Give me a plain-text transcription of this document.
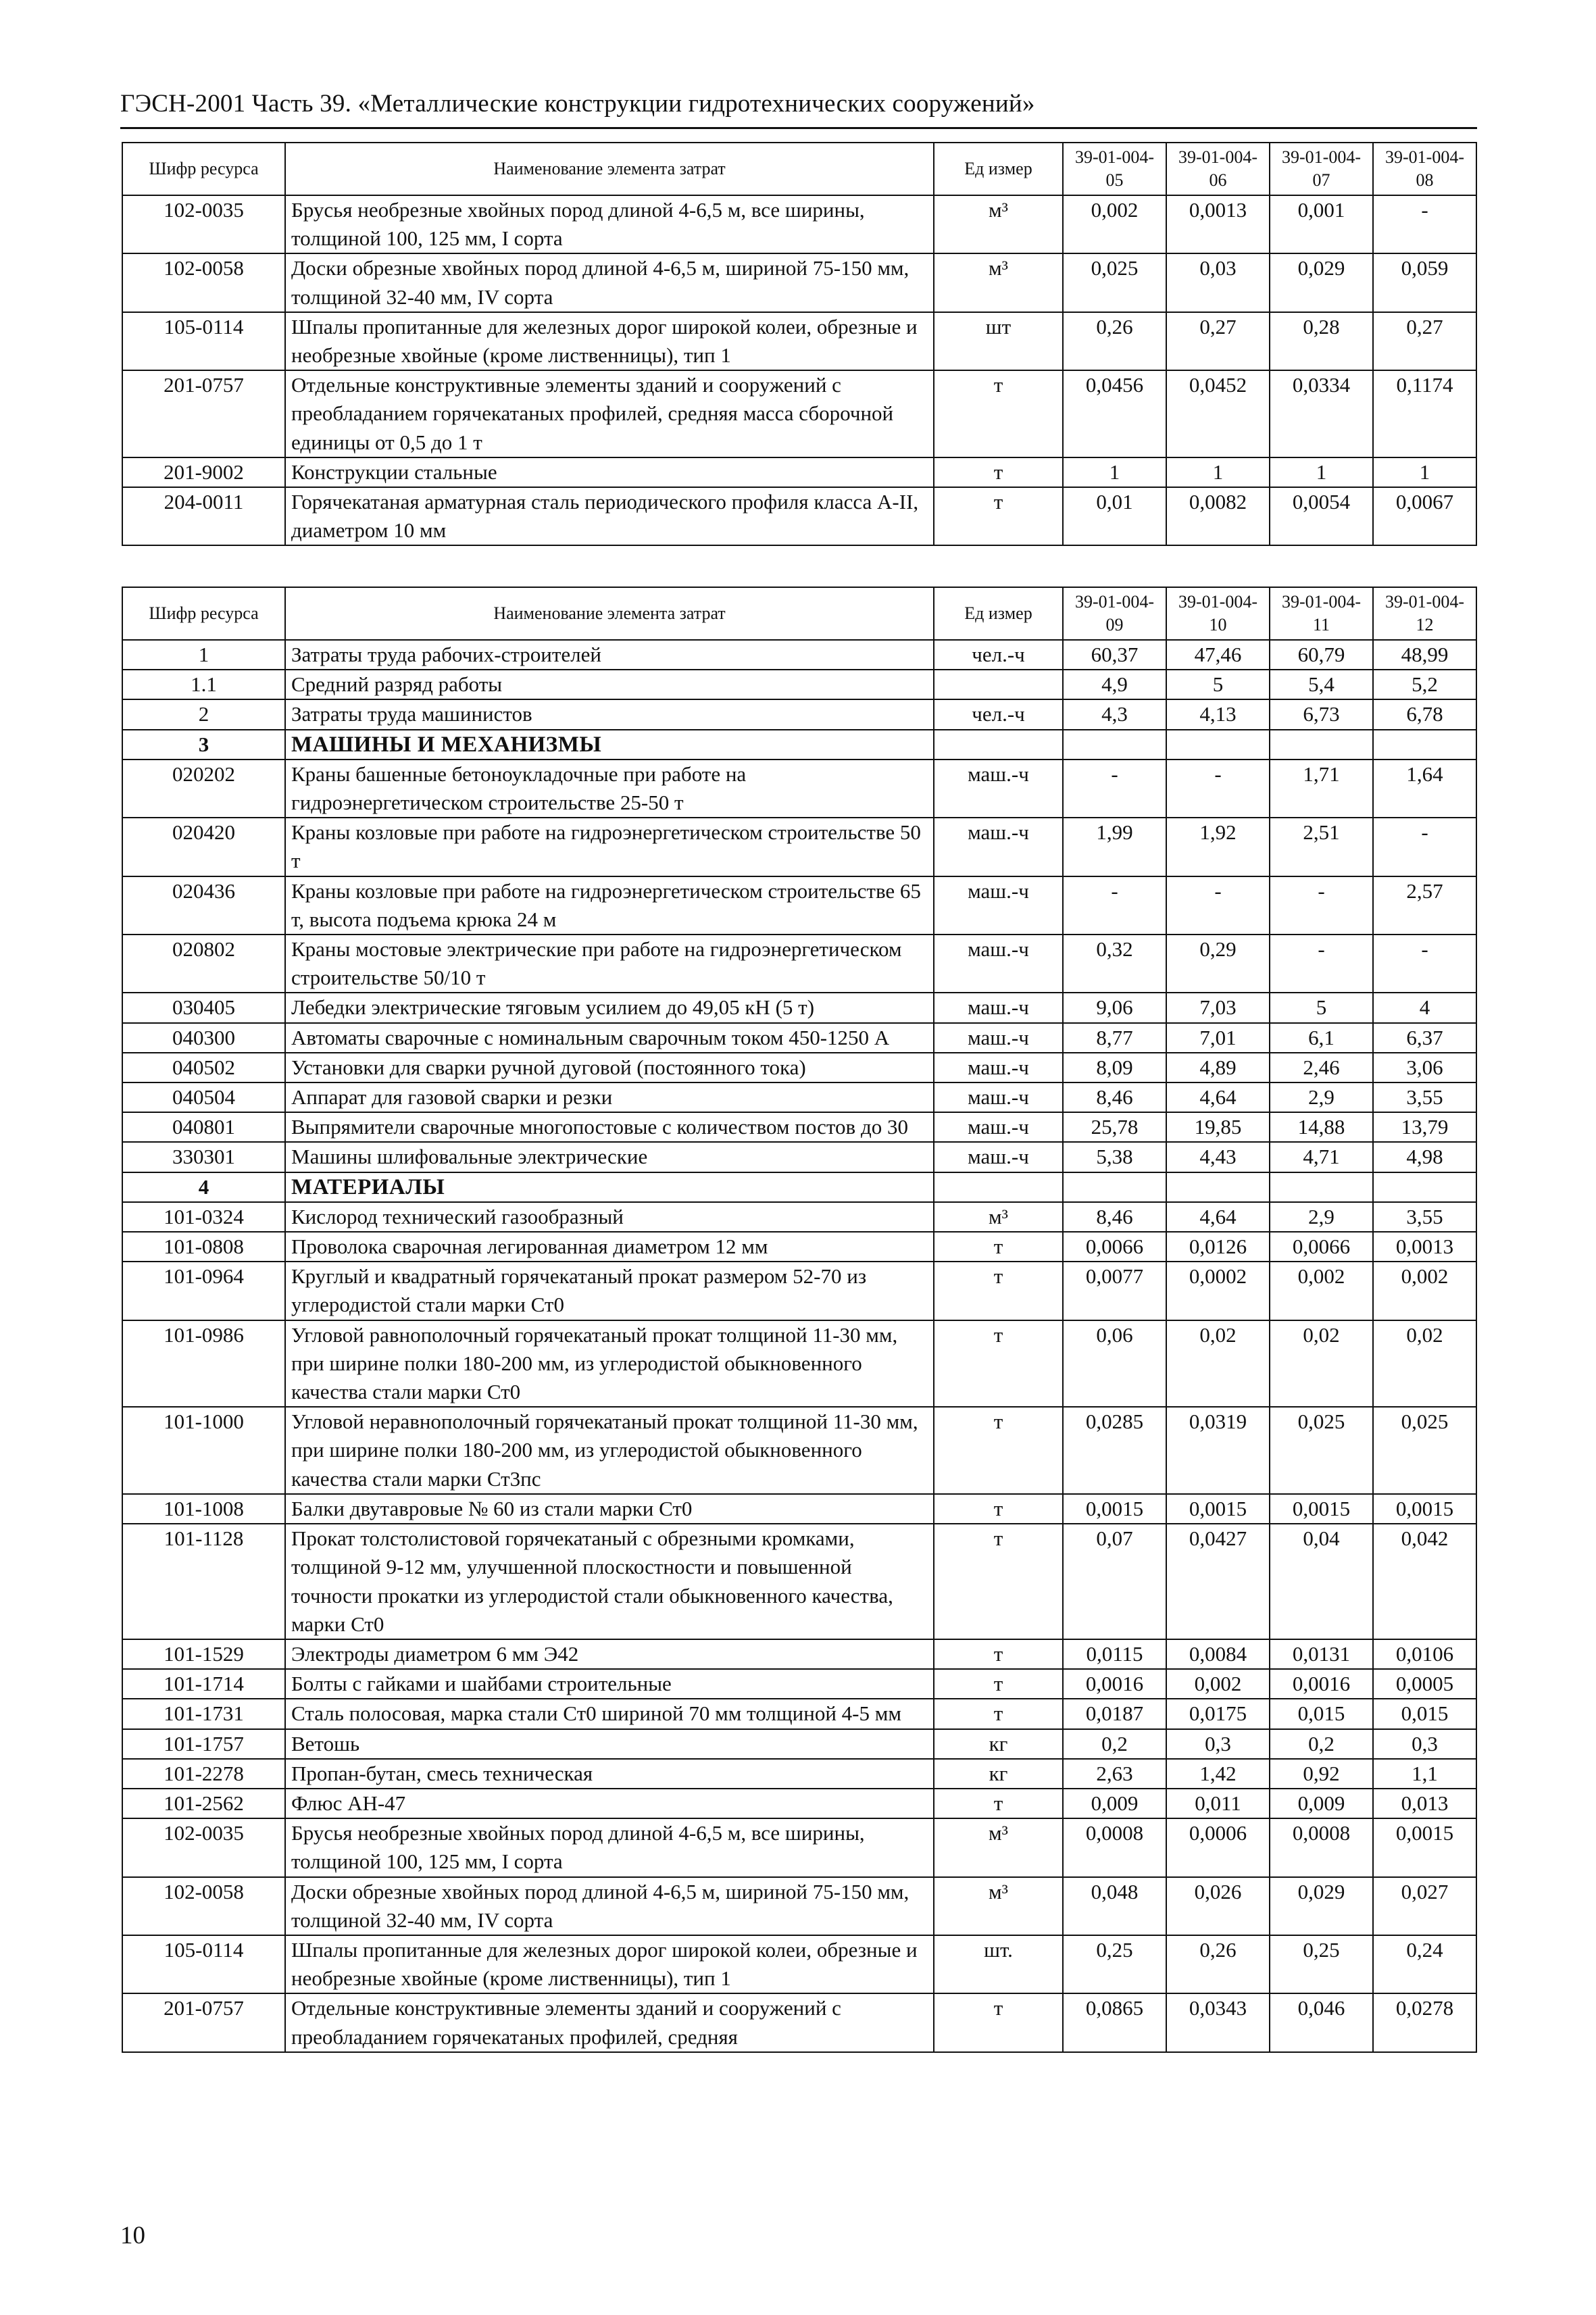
ГЭСН-2001 Часть 39. «Металлические конструкции гидротехнических сооружений»
Шифр ресурса	Наименование элемента затрат	Ед измер	39-01-004-05	39-01-004-06	39-01-004-07	39-01-004-08
102-0035	Брусья необрезные хвойных пород длиной 4-6,5 м, все ширины, толщиной 100, 125 мм, I сорта	м³	0,002	0,0013	0,001	-
102-0058	Доски обрезные хвойных пород длиной 4-6,5 м, шириной 75-150 мм, толщиной 32-40 мм, IV сорта	м³	0,025	0,03	0,029	0,059
105-0114	Шпалы пропитанные для железных дорог широкой колеи, обрезные и необрезные хвойные (кроме лиственницы), тип 1	шт	0,26	0,27	0,28	0,27
201-0757	Отдельные конструктивные элементы зданий и сооружений с преобладанием горячекатаных профилей, средняя масса сборочной единицы от 0,5 до 1 т	т	0,0456	0,0452	0,0334	0,1174
201-9002	Конструкции стальные	т	1	1	1	1
204-0011	Горячекатаная арматурная сталь периодического профиля класса А-II, диаметром 10 мм	т	0,01	0,0082	0,0054	0,0067
Шифр ресурса	Наименование элемента затрат	Ед измер	39-01-004-09	39-01-004-10	39-01-004-11	39-01-004-12
1	Затраты труда рабочих-строителей	чел.-ч	60,37	47,46	60,79	48,99
1.1	Средний разряд работы		4,9	5	5,4	5,2
2	Затраты труда машинистов	чел.-ч	4,3	4,13	6,73	6,78
3	МАШИНЫ И МЕХАНИЗМЫ					
020202	Краны башенные бетоноукладочные при работе на гидроэнергетическом строительстве 25-50 т	маш.-ч	-	-	1,71	1,64
020420	Краны козловые при работе на гидроэнергетическом строительстве 50 т	маш.-ч	1,99	1,92	2,51	-
020436	Краны козловые при работе на гидроэнергетическом строительстве 65 т, высота подъема крюка 24 м	маш.-ч	-	-	-	2,57
020802	Краны мостовые электрические при работе на гидроэнергетическом строительстве 50/10 т	маш.-ч	0,32	0,29	-	-
030405	Лебедки электрические тяговым усилием до 49,05 кН (5 т)	маш.-ч	9,06	7,03	5	4
040300	Автоматы сварочные с номинальным сварочным током 450-1250 А	маш.-ч	8,77	7,01	6,1	6,37
040502	Установки для сварки ручной дуговой (постоянного тока)	маш.-ч	8,09	4,89	2,46	3,06
040504	Аппарат для газовой сварки и резки	маш.-ч	8,46	4,64	2,9	3,55
040801	Выпрямители сварочные многопостовые с количеством постов до 30	маш.-ч	25,78	19,85	14,88	13,79
330301	Машины шлифовальные электрические	маш.-ч	5,38	4,43	4,71	4,98
4	МАТЕРИАЛЫ					
101-0324	Кислород технический газообразный	м³	8,46	4,64	2,9	3,55
101-0808	Проволока сварочная легированная диаметром 12 мм	т	0,0066	0,0126	0,0066	0,0013
101-0964	Круглый и квадратный горячекатаный прокат размером 52-70 из углеродистой стали марки Ст0	т	0,0077	0,0002	0,002	0,002
101-0986	Угловой равнополочный горячекатаный прокат толщиной 11-30 мм, при ширине полки 180-200 мм, из углеродистой обыкновенного качества стали марки Ст0	т	0,06	0,02	0,02	0,02
101-1000	Угловой неравнополочный горячекатаный прокат толщиной 11-30 мм, при ширине полки 180-200 мм, из углеродистой обыкновенного качества стали марки Ст3пс	т	0,0285	0,0319	0,025	0,025
101-1008	Балки двутавровые № 60 из стали марки Ст0	т	0,0015	0,0015	0,0015	0,0015
101-1128	Прокат толстолистовой горячекатаный с обрезными кромками, толщиной 9-12 мм, улучшенной плоскостности и повышенной точности прокатки из углеродистой стали обыкновенного качества, марки Ст0	т	0,07	0,0427	0,04	0,042
101-1529	Электроды диаметром 6 мм Э42	т	0,0115	0,0084	0,0131	0,0106
101-1714	Болты с гайками и шайбами строительные	т	0,0016	0,002	0,0016	0,0005
101-1731	Сталь полосовая, марка стали Ст0 шириной 70 мм толщиной 4-5 мм	т	0,0187	0,0175	0,015	0,015
101-1757	Ветошь	кг	0,2	0,3	0,2	0,3
101-2278	Пропан-бутан, смесь техническая	кг	2,63	1,42	0,92	1,1
101-2562	Флюс АН-47	т	0,009	0,011	0,009	0,013
102-0035	Брусья необрезные хвойных пород длиной 4-6,5 м, все ширины, толщиной 100, 125 мм, I сорта	м³	0,0008	0,0006	0,0008	0,0015
102-0058	Доски обрезные хвойных пород длиной 4-6,5 м, шириной 75-150 мм, толщиной 32-40 мм, IV сорта	м³	0,048	0,026	0,029	0,027
105-0114	Шпалы пропитанные для железных дорог широкой колеи, обрезные и необрезные хвойные (кроме лиственницы), тип 1	шт.	0,25	0,26	0,25	0,24
201-0757	Отдельные конструктивные элементы зданий и сооружений с преобладанием горячекатаных профилей, средняя	т	0,0865	0,0343	0,046	0,0278
10
